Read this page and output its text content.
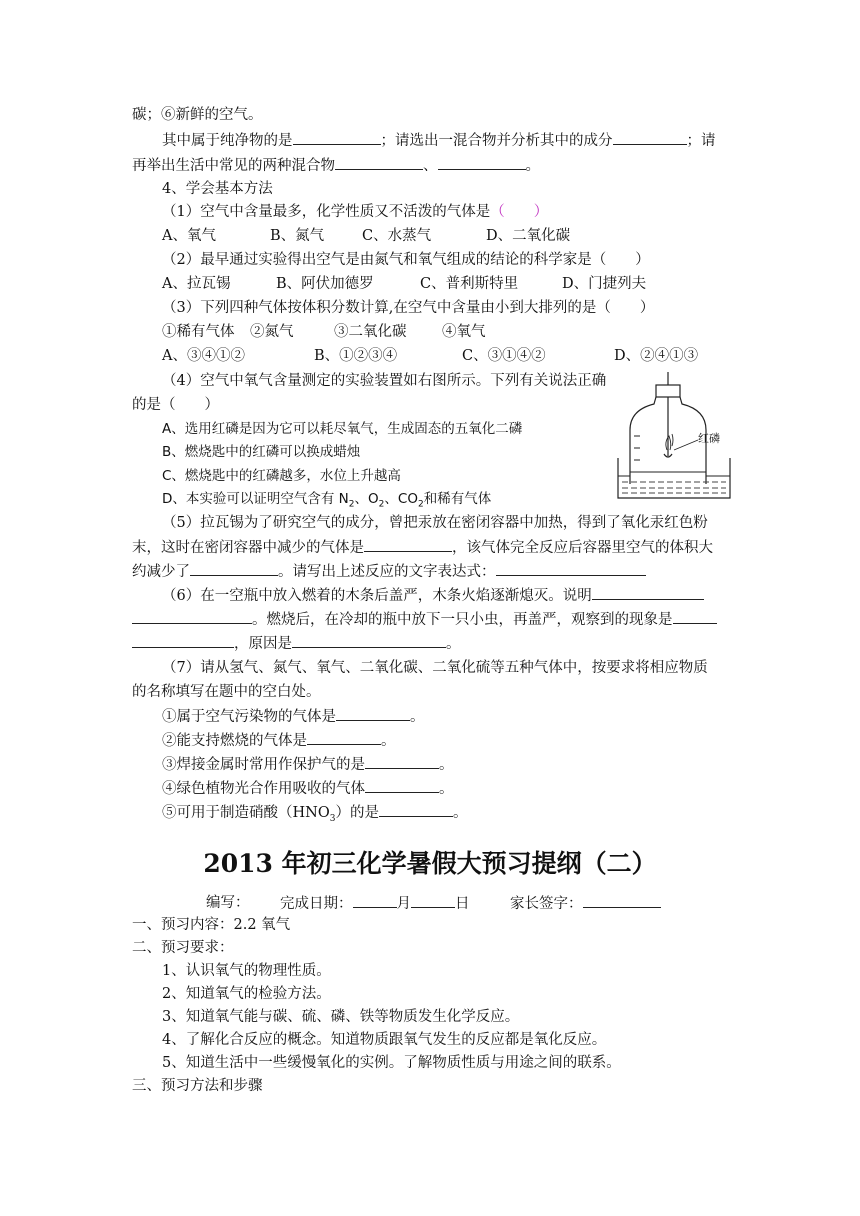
碳；⑥新鲜的空气。
其中属于纯净物的是	；请选出一混合物并分析其中的成分	；请
再举出生活中常见的两种混合物	、	。
4、学会基本方法
（1）空气中含量最多，化学性质又不活泼的气体是（　　）
A、氧气	B、氮气	C、水蒸气	D、二氧化碳
（2）最早通过实验得出空气是由氮气和氧气组成的结论的科学家是（　　）
A、拉瓦锡	B、阿伏加德罗	C、普利斯特里	D、门捷列夫
（3）下列四种气体按体积分数计算,在空气中含量由小到大排列的是（　　）
①稀有气体 ②氮气	③二氧化碳 ④氧气
A、③④①②	B、①②③④	C、③①④②	D、②④①③
（4）空气中氧气含量测定的实验装置如右图所示。下列有关说法正确
的是（　　）
A、选用红磷是因为它可以耗尽氧气，生成固态的五氧化二磷
B、燃烧匙中的红磷可以换成蜡烛
C、燃烧匙中的红磷越多，水位上升越高
D、本实验可以证明空气含有 $N_2$、$O_2$、$CO_2$和稀有气体
红磷
（5）拉瓦锡为了研究空气的成分，曾把汞放在密闭容器中加热，得到了氧化汞红色粉
末，这时在密闭容器中减少的气体是	，该气体完全反应后容器里空气的体积大
约减少了	。请写出上述反应的文字表达式：
（6）在一空瓶中放入燃着的木条后盖严，木条火焰逐渐熄灭。说明
。燃烧后，在冷却的瓶中放下一只小虫，再盖严，观察到的现象是
，原因是	。
（7）请从氢气、氮气、氧气、二氧化碳、二氧化硫等五种气体中，按要求将相应物质
的名称填写在题中的空白处。
①属于空气污染物的气体是	。
②能支持燃烧的气体是	。
③焊接金属时常用作保护气的是	。
④绿色植物光合作用吸收的气体	。
⑤可用于制造硝酸$(HNO_3)$的是	。
2013 年初三化学暑假大预习提纲（二）
编写： 完成日期：	月	日	家长签字：
一、预习内容：2.2 氧气
二、预习要求：
1、认识氧气的物理性质。
2、知道氧气的检验方法。
3、知道氧气能与碳、硫、磷、铁等物质发生化学反应。
4、了解化合反应的概念。知道物质跟氧气发生的反应都是氧化反应。
5、知道生活中一些缓慢氧化的实例。了解物质性质与用途之间的联系。
三、预习方法和步骤
